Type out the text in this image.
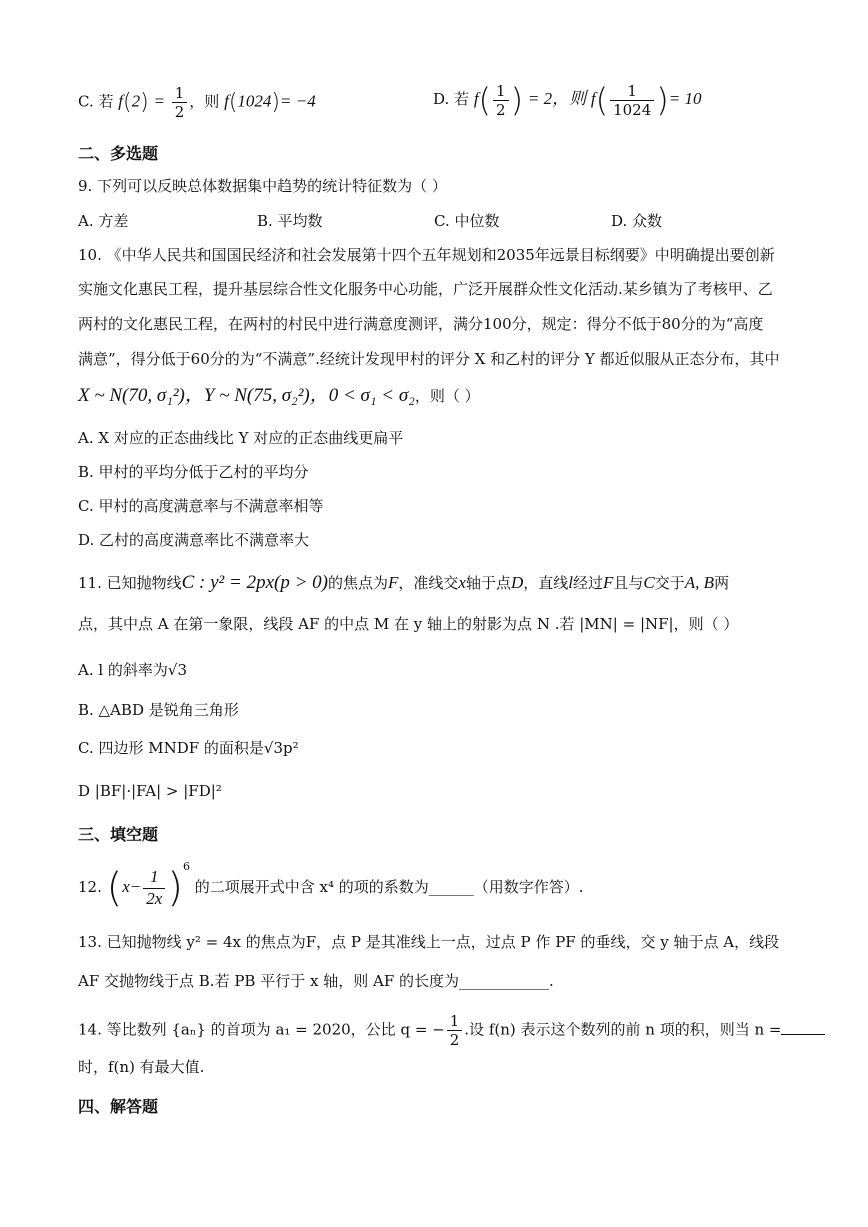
C. 若 $f(2) = \frac{1}{2}$ ，则 f(1024)= −4	D. 若 $f( \frac{1}{2}$ ) = 2，则 $f( \frac{1}{1024}$ )= 10
二、多选题
9. 下列可以反映总体数据集中趋势的统计特征数为（ ）
A. 方差	B. 平均数	C. 中位数	D. 众数
10. 《中华人民共和国国民经济和社会发展第十四个五年规划和2035年远景目标纲要》中明确提出要创新
实施文化惠民工程，提升基层综合性文化服务中心功能，广泛开展群众性文化活动.某乡镇为了考核甲、乙
两村的文化惠民工程，在两村的村民中进行满意度测评，满分100分，规定：得分不低于80分的为“高度
满意”，得分低于60分的为“不满意”.经统计发现甲村的评分 X 和乙村的评分 Y 都近似服从正态分布，其中
X ~ N(70, σ₁²)，Y ~ N(75, σ₂²)，0 < σ₁ < σ₂，则（ ）
A. X 对应的正态曲线比 Y 对应的正态曲线更扁平
B. 甲村的平均分低于乙村的平均分
C. 甲村的高度满意率与不满意率相等
D. 乙村的高度满意率比不满意率大
11. 已知抛物线C : y² = 2px(p > 0)的焦点为F，准线交x轴于点D，直线l经过F且与C交于A, B两
点，其中点 A 在第一象限，线段 AF 的中点 M 在 y 轴上的射影为点 N .若 |MN| = |NF|，则（ ）
A. l 的斜率为√3
B. △ABD 是锐角三角形
C. 四边形 MNDF 的面积是√3p²
D |BF|·|FA| > |FD|²
三、填空题
12. $(x- \frac{1}{2x} )^6$ 的二项展开式中含 x⁴ 的项的系数为______（用数字作答）.
13. 已知抛物线 y² = 4x 的焦点为F，点 P 是其准线上一点，过点 P 作 PF 的垂线，交 y 轴于点 A，线段
AF 交抛物线于点 B.若 PB 平行于 x 轴，则 AF 的长度为____________.
14. 等比数列 {aₙ} 的首项为 a₁ = 2020，公比 q = − $\frac{1}{2}$ .设 f(n) 表示这个数列的前 n 项的积，则当 n =
时，f(n) 有最大值.
四、解答题
